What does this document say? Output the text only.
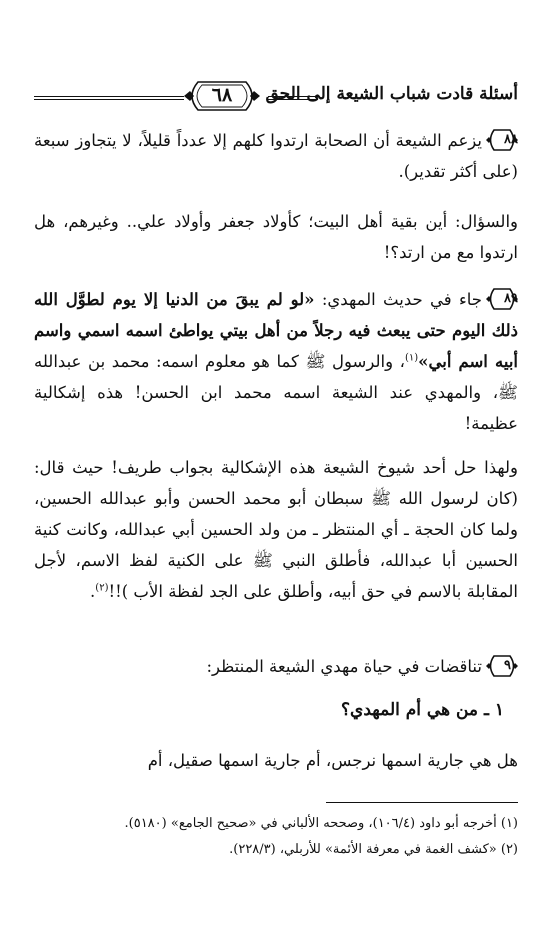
أسئلة قادت شباب الشيعة إلى الحق
٦٨
٨٨
يزعم الشيعة أن الصحابة ارتدوا كلهم إلا عدداً قليلاً، لا يتجاوز سبعة (على أكثر تقدير).
والسؤال: أين بقية أهل البيت؛ كأولاد جعفر وأولاد علي.. وغيرهم، هل ارتدوا مع من ارتد؟!
٨٩
جاء في حديث المهدي: «لو لم يبقَ من الدنيا إلا يوم لطوَّل الله ذلك اليوم حتى يبعث فيه رجلاً من أهل بيتي يواطئ اسمه اسمي واسم أبيه اسم أبي»$^{(١)}$، والرسول ﷺ كما هو معلوم اسمه: محمد بن عبدالله ﷺ، والمهدي عند الشيعة اسمه محمد ابن الحسن! هذه إشكالية عظيمة!
ولهذا حل أحد شيوخ الشيعة هذه الإشكالية بجواب طريف! حيث قال: (كان لرسول الله ﷺ سبطان أبو محمد الحسن وأبو عبدالله الحسين، ولما كان الحجة ـ أي المنتظر ـ من ولد الحسين أبي عبدالله، وكانت كنية الحسين أبا عبدالله، فأطلق النبي ﷺ على الكنية لفظ الاسم، لأجل المقابلة بالاسم في حق أبيه، وأطلق على الجد لفظة الأب )!!$^{(٢)}$.
٩٠
تناقضات في حياة مهدي الشيعة المنتظر:
١ ـ من هي أم المهدي؟
هل هي جارية اسمها نرجس، أم جارية اسمها صقيل، أم
(١) أخرجه أبو داود (١٠٦/٤)، وصححه الألباني في «صحيح الجامع» (٥١٨٠).
(٢) «كشف الغمة في معرفة الأئمة» للأربلي، (٢٢٨/٣).
